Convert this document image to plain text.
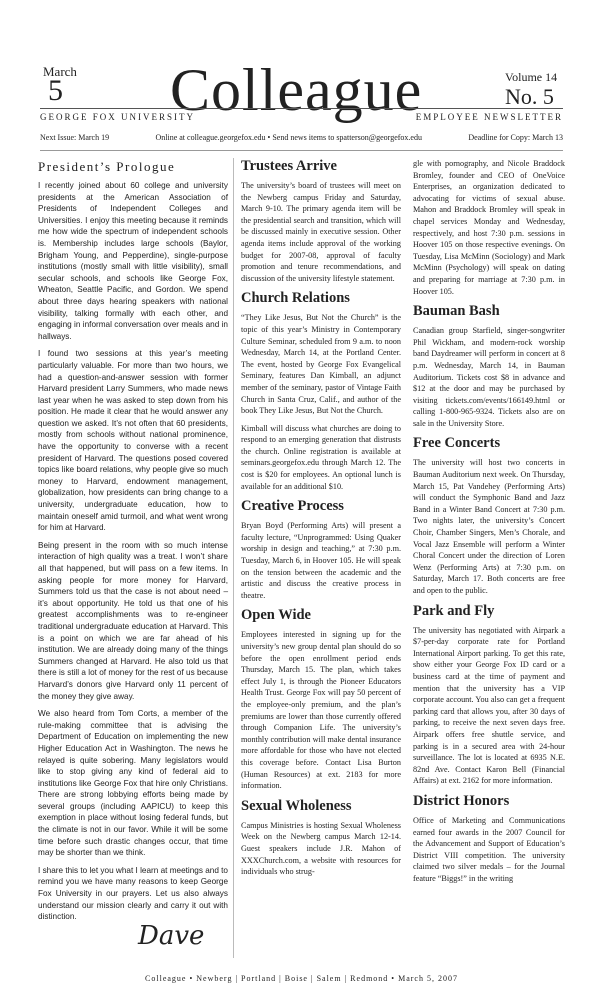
March
5 Colleague	Volume 14
No. 5
GEORGE FOX UNIVERSITY	EMPLOYEE NEWSLETTER
Next Issue: March 19	Online at colleague.georgefox.edu • Send news items to spatterson@georgefox.edu	Deadline for Copy: March 13
President’s Prologue

I recently joined about 60 college and university presidents at the American Association of Presidents of Independent Colleges and Universities. I enjoy this meeting because it reminds me how wide the spectrum of independent schools is. Membership includes large schools (Baylor, Brigham Young, and Pepperdine), single-purpose institutions (mostly small with little visibility), small secular schools, and schools like George Fox, Wheaton, Seattle Pacific, and Gordon. We spend about three days hearing speakers with national visibility, talking formally with each other, and engaging in informal conversation over meals and in hallways.

I found two sessions at this year’s meeting particularly valuable. For more than two hours, we had a question-and-answer session with former Harvard president Larry Summers, who made news last year when he was asked to step down from his position. He made it clear that he would answer any question we asked. It’s not often that 60 presidents, mostly from schools without national prominence, have the opportunity to converse with a recent president of Harvard. The questions posed covered topics like board relations, why people give so much money to Harvard, endowment management, globalization, how presidents can bring change to a university, undergraduate education, how to maintain oneself amid turmoil, and what went wrong for him at Harvard.

Being present in the room with so much intense interaction of high quality was a treat. I won’t share all that happened, but will pass on a few items. In asking people for more money for Harvard, Summers told us that the case is not about need – it’s about opportunity. He told us that one of his greatest accomplishments was to re-engineer traditional undergraduate education at Harvard. This is a point on which we are far ahead of his institution. We are already doing many of the things Summers changed at Harvard. He also told us that there is still a lot of money for the rest of us because Harvard’s donors give Harvard only 11 percent of the money they give away.

We also heard from Tom Corts, a member of the rule-making committee that is advising the Department of Education on implementing the new Higher Education Act in Washington. The news he relayed is quite sobering. Many legislators would like to stop giving any kind of federal aid to institutions like George Fox that hire only Christians. There are strong lobbying efforts being made by several groups (including AAPICU) to keep this exemption in place without losing federal funds, but the climate is not in our favor. While it will be some time before such drastic changes occur, that time may be shorter than we think.

I share this to let you what I learn at meetings and to remind you we have many reasons to keep George Fox University in our prayers. Let us also always understand our mission clearly and carry it out with distinction.

Dave
Trustees Arrive

The university’s board of trustees will meet on the Newberg campus Friday and Saturday, March 9-10. The primary agenda item will be the presidential search and transition, which will be discussed mainly in executive session. Other agenda items include approval of the working budget for 2007-08, approval of faculty promotion and tenure recommendations, and discussion of the university lifestyle statement.

Church Relations

“They Like Jesus, But Not the Church” is the topic of this year’s Ministry in Contemporary Culture Seminar, scheduled from 9 a.m. to noon Wednesday, March 14, at the Portland Center. The event, hosted by George Fox Evangelical Seminary, features Dan Kimball, an adjunct member of the seminary, pastor of Vintage Faith Church in Santa Cruz, Calif., and author of the book They Like Jesus, But Not the Church.

Kimball will discuss what churches are doing to respond to an emerging generation that distrusts the church. Online registration is available at seminars.georgefox.edu through March 12. The cost is $20 for employees. An optional lunch is available for an additional $10.

Creative Process

Bryan Boyd (Performing Arts) will present a faculty lecture, “Unprogrammed: Using Quaker worship in design and teaching,” at 7:30 p.m. Tuesday, March 6, in Hoover 105. He will speak on the tension between the academic and the artistic and discuss the creative process in theatre.

Open Wide

Employees interested in signing up for the university’s new group dental plan should do so before the open enrollment period ends Thursday, March 15. The plan, which takes effect July 1, is through the Pioneer Educators Health Trust. George Fox will pay 50 percent of the employee-only premium, and the plan’s premiums are lower than those currently offered through Companion Life. The university’s monthly contribution will make dental insurance more affordable for those who have not elected this coverage before. Contact Lisa Burton (Human Resources) at ext. 2183 for more information.

Sexual Wholeness

Campus Ministries is hosting Sexual Wholeness Week on the Newberg campus March 12-14. Guest speakers include J.R. Mahon of XXXChurch.com, a website with resources for individuals who strug-

gle with pornography, and Nicole Braddock Bromley, founder and CEO of OneVoice Enterprises, an organization dedicated to advocating for victims of sexual abuse. Mahon and Braddock Bromley will speak in chapel services Monday and Wednesday, respectively, and host 7:30 p.m. sessions in Hoover 105 on those respective evenings. On Tuesday, Lisa McMinn (Sociology) and Mark McMinn (Psychology) will speak on dating and preparing for marriage at 7:30 p.m. in Hoover 105.

Bauman Bash

Canadian group Starfield, singer-songwriter Phil Wickham, and modern-rock worship band Daydreamer will perform in concert at 8 p.m. Wednesday, March 14, in Bauman Auditorium. Tickets cost $8 in advance and $12 at the door and may be purchased by visiting tickets.com/events/166149.html or calling 1-800-965-9324. Tickets also are on sale in the University Store.

Free Concerts

The university will host two concerts in Bauman Auditorium next week. On Thursday, March 15, Pat Vandehey (Performing Arts) will conduct the Symphonic Band and Jazz Band in a Winter Band Concert at 7:30 p.m. Two nights later, the university’s Concert Choir, Chamber Singers, Men’s Chorale, and Vocal Jazz Ensemble will perform a Winter Choral Concert under the direction of Loren Wenz (Performing Arts) at 7:30 p.m. on Saturday, March 17. Both concerts are free and open to the public.

Park and Fly

The university has negotiated with Airpark a $7-per-day corporate rate for Portland International Airport parking. To get this rate, show either your George Fox ID card or a business card at the time of payment and mention that the university has a VIP corporate account. You also can get a frequent parking card that allows you, after 30 days of parking, to receive the next seven days free. Airpark offers free shuttle service, and parking is in a secured area with 24-hour surveillance. The lot is located at 6935 N.E. 82nd Ave. Contact Karon Bell (Financial Affairs) at ext. 2162 for more information.

District Honors

Office of Marketing and Communications earned four awards in the 2007 Council for the Advancement and Support of Education’s District VIII competition. The university claimed two silver medals – for the Journal feature “Biggs!” in the writing

Colleague • Newberg | Portland | Boise | Salem | Redmond • March 5, 2007
